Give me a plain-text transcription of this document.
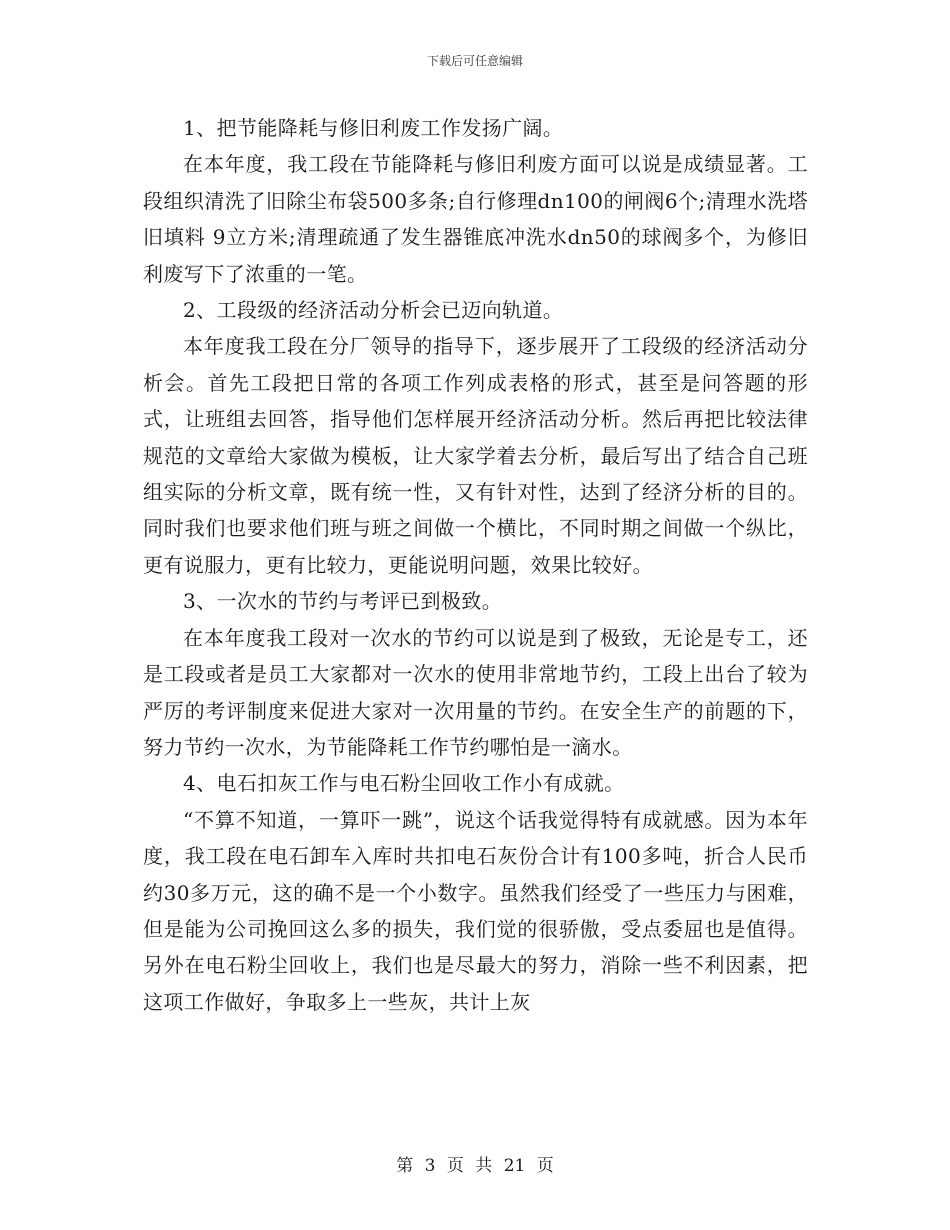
下载后可任意编辑

1、把节能降耗与修旧利废工作发扬广阔。

在本年度，我工段在节能降耗与修旧利废方面可以说是成绩显著。工段组织清洗了旧除尘布袋500多条;自行修理dn100的闸阀6个;清理水洗塔旧填料 9立方米;清理疏通了发生器锥底冲洗水dn50的球阀多个，为修旧利废写下了浓重的一笔。

2、工段级的经济活动分析会已迈向轨道。

本年度我工段在分厂领导的指导下，逐步展开了工段级的经济活动分析会。首先工段把日常的各项工作列成表格的形式，甚至是问答题的形式，让班组去回答，指导他们怎样展开经济活动分析。然后再把比较法律规范的文章给大家做为模板，让大家学着去分析，最后写出了结合自己班组实际的分析文章，既有统一性，又有针对性，达到了经济分析的目的。同时我们也要求他们班与班之间做一个横比，不同时期之间做一个纵比，更有说服力，更有比较力，更能说明问题，效果比较好。

3、一次水的节约与考评已到极致。

在本年度我工段对一次水的节约可以说是到了极致，无论是专工，还是工段或者是员工大家都对一次水的使用非常地节约，工段上出台了较为严厉的考评制度来促进大家对一次用量的节约。在安全生产的前题的下，努力节约一次水，为节能降耗工作节约哪怕是一滴水。

4、电石扣灰工作与电石粉尘回收工作小有成就。

“不算不知道，一算吓一跳”，说这个话我觉得特有成就感。因为本年度，我工段在电石卸车入库时共扣电石灰份合计有100多吨，折合人民币约30多万元，这的确不是一个小数字。虽然我们经受了一些压力与困难，但是能为公司挽回这么多的损失，我们觉的很骄傲，受点委屈也是值得。另外在电石粉尘回收上，我们也是尽最大的努力，消除一些不利因素，把这项工作做好，争取多上一些灰，共计上灰

第 3 页 共 21 页
